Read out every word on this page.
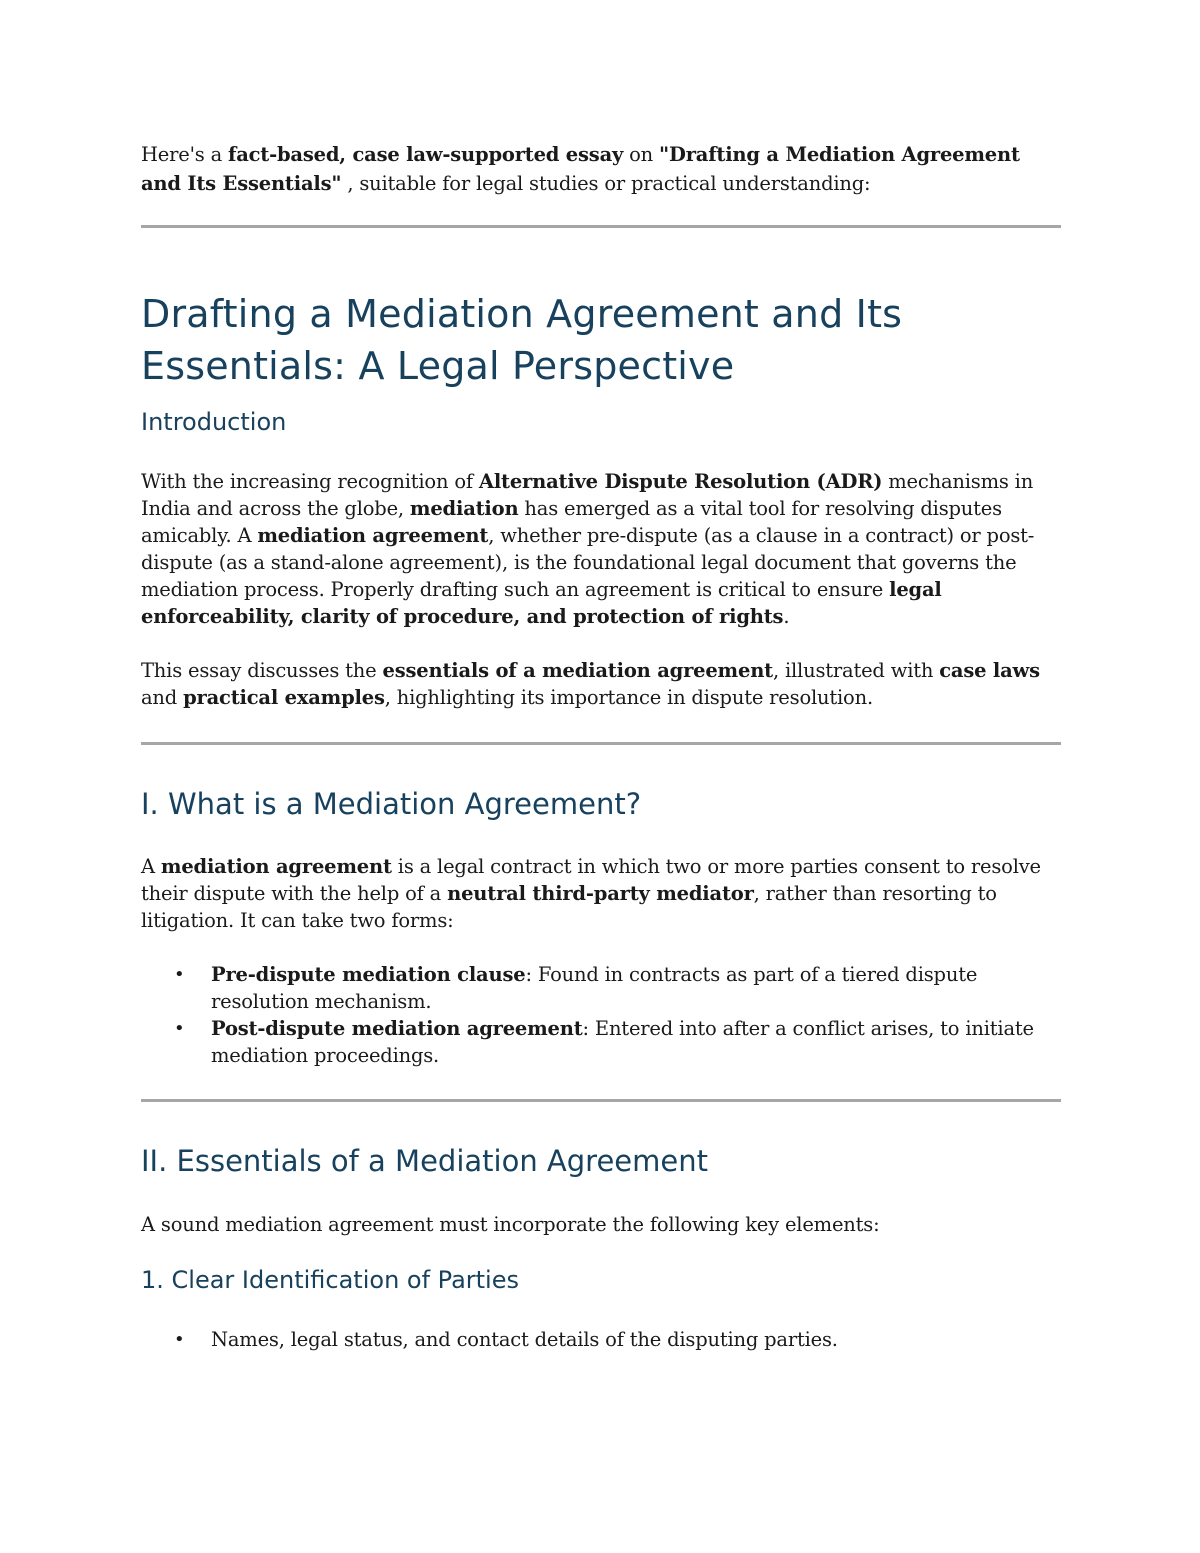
Here's a fact-based, case law-supported essay on "Drafting a Mediation Agreement and Its Essentials" , suitable for legal studies or practical understanding:

Drafting a Mediation Agreement and Its
Essentials: A Legal Perspective
Introduction

With the increasing recognition of Alternative Dispute Resolution (ADR) mechanisms in India and across the globe, mediation has emerged as a vital tool for resolving disputes amicably. A mediation agreement, whether pre-dispute (as a clause in a contract) or post-dispute (as a stand-alone agreement), is the foundational legal document that governs the mediation process. Properly drafting such an agreement is critical to ensure legal enforceability, clarity of procedure, and protection of rights.

This essay discusses the essentials of a mediation agreement, illustrated with case laws and practical examples, highlighting its importance in dispute resolution.

I. What is a Mediation Agreement?

A mediation agreement is a legal contract in which two or more parties consent to resolve their dispute with the help of a neutral third-party mediator, rather than resorting to litigation. It can take two forms:

• Pre-dispute mediation clause: Found in contracts as part of a tiered dispute resolution mechanism.
• Post-dispute mediation agreement: Entered into after a conflict arises, to initiate mediation proceedings.
II. Essentials of a Mediation Agreement

A sound mediation agreement must incorporate the following key elements:

1. Clear Identification of Parties
• Names, legal status, and contact details of the disputing parties.
